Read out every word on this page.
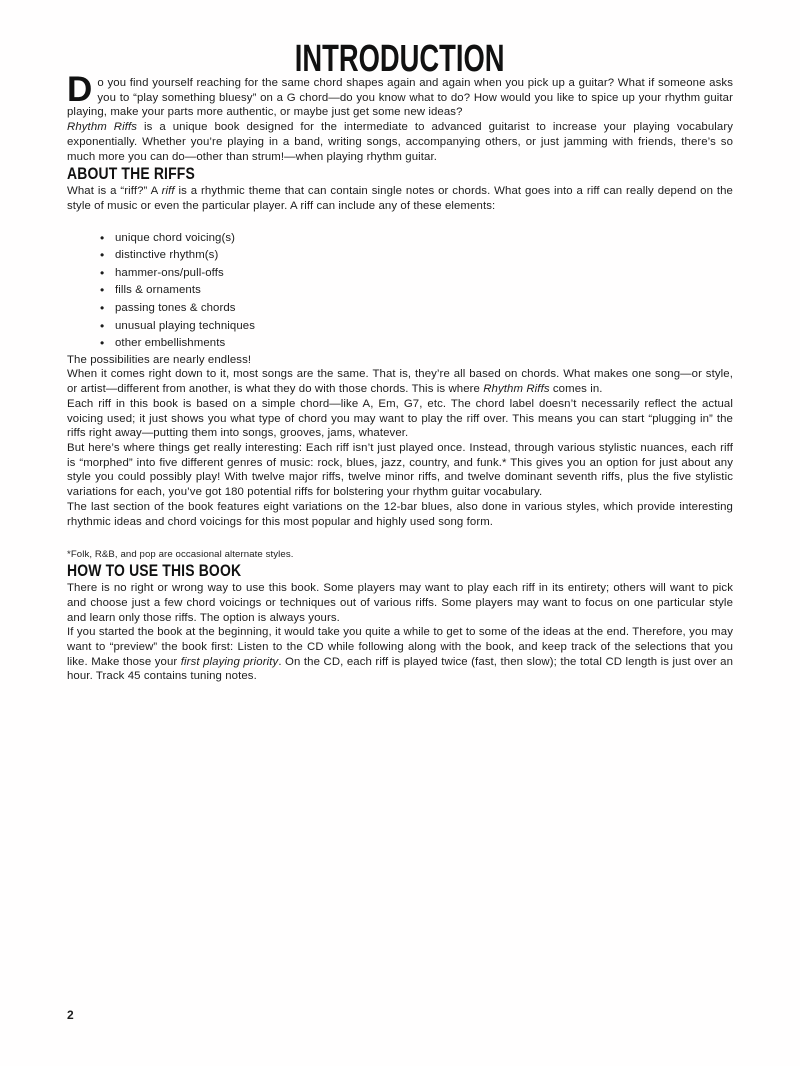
INTRODUCTION

Do you find yourself reaching for the same chord shapes again and again when you pick up a guitar? What if someone asks you to “play something bluesy” on a G chord—do you know what to do? How would you like to spice up your rhythm guitar playing, make your parts more authentic, or maybe just get some new ideas?

Rhythm Riffs is a unique book designed for the intermediate to advanced guitarist to increase your playing vocabulary exponentially. Whether you’re playing in a band, writing songs, accompanying others, or just jamming with friends, there’s so much more you can do—other than strum!—when playing rhythm guitar.

ABOUT THE RIFFS

What is a “riff?” A riff is a rhythmic theme that can contain single notes or chords. What goes into a riff can really depend on the style of music or even the particular player. A riff can include any of these elements:

• unique chord voicing(s)
• distinctive rhythm(s)
• hammer-ons/pull-offs
• fills & ornaments
• passing tones & chords
• unusual playing techniques
• other embellishments

The possibilities are nearly endless!

When it comes right down to it, most songs are the same. That is, they’re all based on chords. What makes one song—or style, or artist—different from another, is what they do with those chords. This is where Rhythm Riffs comes in.

Each riff in this book is based on a simple chord—like A, Em, G7, etc. The chord label doesn’t necessarily reflect the actual voicing used; it just shows you what type of chord you may want to play the riff over. This means you can start “plugging in” the riffs right away—putting them into songs, grooves, jams, whatever.

But here’s where things get really interesting: Each riff isn’t just played once. Instead, through various stylistic nuances, each riff is “morphed” into five different genres of music: rock, blues, jazz, country, and funk.* This gives you an option for just about any style you could possibly play! With twelve major riffs, twelve minor riffs, and twelve dominant seventh riffs, plus the five stylistic variations for each, you’ve got 180 potential riffs for bolstering your rhythm guitar vocabulary.

The last section of the book features eight variations on the 12-bar blues, also done in various styles, which provide interesting rhythmic ideas and chord voicings for this most popular and highly used song form.

*Folk, R&B, and pop are occasional alternate styles.

HOW TO USE THIS BOOK

There is no right or wrong way to use this book. Some players may want to play each riff in its entirety; others will want to pick and choose just a few chord voicings or techniques out of various riffs. Some players may want to focus on one particular style and learn only those riffs. The option is always yours.

If you started the book at the beginning, it would take you quite a while to get to some of the ideas at the end. Therefore, you may want to “preview” the book first: Listen to the CD while following along with the book, and keep track of the selections that you like. Make those your first playing priority. On the CD, each riff is played twice (fast, then slow); the total CD length is just over an hour. Track 45 contains tuning notes.

2
